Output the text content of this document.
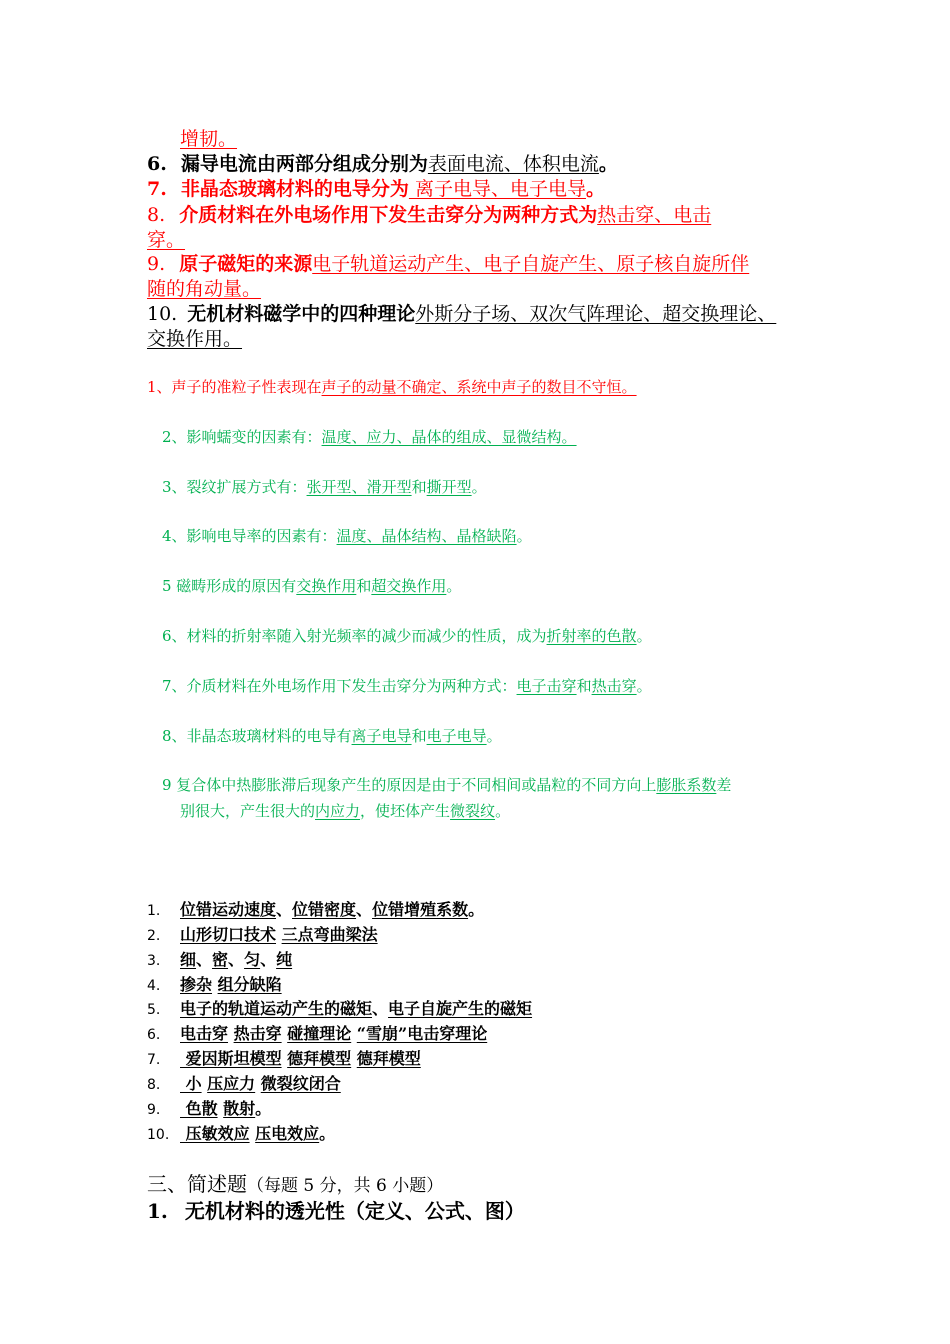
增韧。
6. 漏导电流由两部分组成分别为表面电流、体积电流。
7. 非晶态玻璃材料的电导分为 离子电导、电子电导。
8. 介质材料在外电场作用下发生击穿分为两种方式为热击穿、电击
穿。
9. 原子磁矩的来源电子轨道运动产生、电子自旋产生、原子核自旋所伴
随的角动量。
10. 无机材料磁学中的四种理论外斯分子场、双次气阵理论、超交换理论、
交换作用。
1、声子的准粒子性表现在声子的动量不确定、系统中声子的数目不守恒。
2、影响蠕变的因素有：温度、应力、晶体的组成、显微结构。
3、裂纹扩展方式有：张开型、滑开型和撕开型。
4、影响电导率的因素有：温度、晶体结构、晶格缺陷。
5 磁畴形成的原因有交换作用和超交换作用。
6、材料的折射率随入射光频率的减少而减少的性质，成为折射率的色散。
7、介质材料在外电场作用下发生击穿分为两种方式：电子击穿和热击穿。
8、非晶态玻璃材料的电导有离子电导和电子电导。
9 复合体中热膨胀滞后现象产生的原因是由于不同相间或晶粒的不同方向上膨胀系数差
别很大，产生很大的内应力，使坯体产生微裂纹。
1. 位错运动速度、位错密度、位错增殖系数。
2. 山形切口技术 三点弯曲梁法
3. 细、密、匀、纯
4. 掺杂 组分缺陷
5. 电子的轨道运动产生的磁矩、电子自旋产生的磁矩
6. 电击穿 热击穿 碰撞理论 “雪崩”电击穿理论
7. 爱因斯坦模型 德拜模型 德拜模型
8. 小 压应力 微裂纹闭合
9. 色散 散射。
10. 压敏效应 压电效应。
三、简述题（每题 5 分，共 6 小题）
1. 无机材料的透光性（定义、公式、图）
